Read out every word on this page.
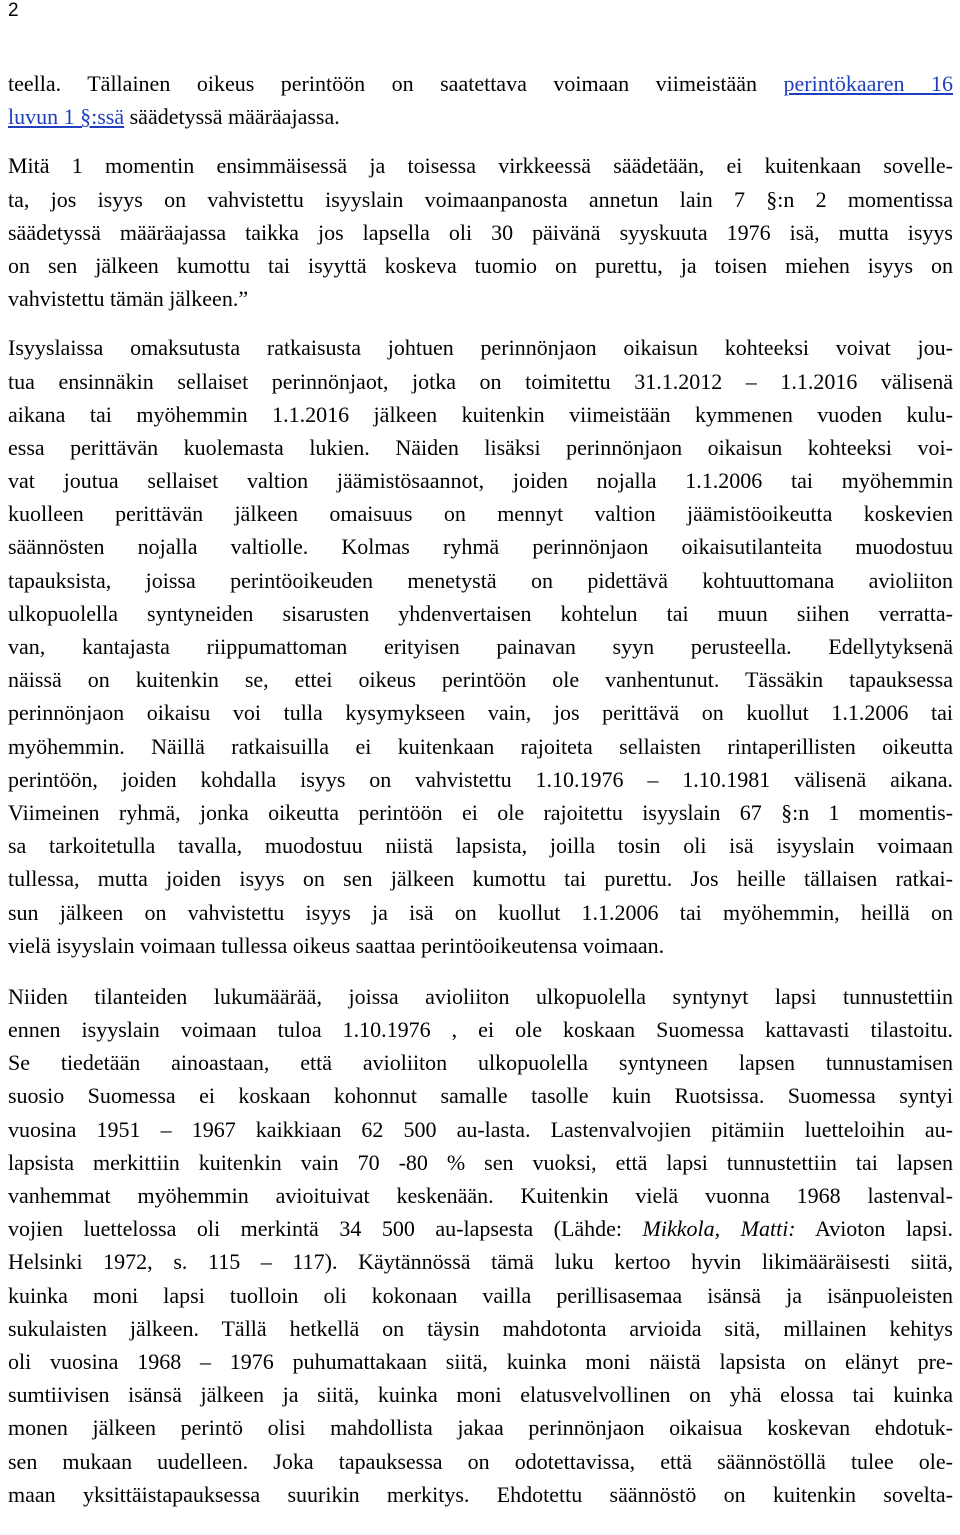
2
teella. Tällainen oikeus perintöön on saatettava voimaan viimeistään perintökaaren 16
luvun 1 §:ssä säädetyssä määräajassa.
Mitä 1 momentin ensimmäisessä ja toisessa virkkeessä säädetään, ei kuitenkaan sovelle-
ta, jos isyys on vahvistettu isyyslain voimaanpanosta annetun lain 7 §:n 2 momentissa
säädetyssä määräajassa taikka jos lapsella oli 30 päivänä syyskuuta 1976 isä, mutta isyys
on sen jälkeen kumottu tai isyyttä koskeva tuomio on purettu, ja toisen miehen isyys on
vahvistettu tämän jälkeen.”
Isyyslaissa omaksutusta ratkaisusta johtuen perinnönjaon oikaisun kohteeksi voivat jou-
tua ensinnäkin sellaiset perinnönjaot, jotka on toimitettu 31.1.2012 – 1.1.2016 välisenä
aikana tai myöhemmin 1.1.2016 jälkeen kuitenkin viimeistään kymmenen vuoden kulu-
essa perittävän kuolemasta lukien. Näiden lisäksi perinnönjaon oikaisun kohteeksi voi-
vat joutua sellaiset valtion jäämistösaannot, joiden nojalla 1.1.2006 tai myöhemmin
kuolleen perittävän jälkeen omaisuus on mennyt valtion jäämistöoikeutta koskevien
säännösten nojalla valtiolle. Kolmas ryhmä perinnönjaon oikaisutilanteita muodostuu
tapauksista, joissa perintöoikeuden menetystä on pidettävä kohtuuttomana avioliiton
ulkopuolella syntyneiden sisarusten yhdenvertaisen kohtelun tai muun siihen verratta-
van, kantajasta riippumattoman erityisen painavan syyn perusteella. Edellytyksenä
näissä on kuitenkin se, ettei oikeus perintöön ole vanhentunut. Tässäkin tapauksessa
perinnönjaon oikaisu voi tulla kysymykseen vain, jos perittävä on kuollut 1.1.2006 tai
myöhemmin. Näillä ratkaisuilla ei kuitenkaan rajoiteta sellaisten rintaperillisten oikeutta
perintöön, joiden kohdalla isyys on vahvistettu 1.10.1976 – 1.10.1981 välisenä aikana.
Viimeinen ryhmä, jonka oikeutta perintöön ei ole rajoitettu isyyslain 67 §:n 1 momentis-
sa tarkoitetulla tavalla, muodostuu niistä lapsista, joilla tosin oli isä isyyslain voimaan
tullessa, mutta joiden isyys on sen jälkeen kumottu tai purettu. Jos heille tällaisen ratkai-
sun jälkeen on vahvistettu isyys ja isä on kuollut 1.1.2006 tai myöhemmin, heillä on
vielä isyyslain voimaan tullessa oikeus saattaa perintöoikeutensa voimaan.
Niiden tilanteiden lukumäärää, joissa avioliiton ulkopuolella syntynyt lapsi tunnustettiin
ennen isyyslain voimaan tuloa 1.10.1976 , ei ole koskaan Suomessa kattavasti tilastoitu.
Se tiedetään ainoastaan, että avioliiton ulkopuolella syntyneen lapsen tunnustamisen
suosio Suomessa ei koskaan kohonnut samalle tasolle kuin Ruotsissa. Suomessa syntyi
vuosina 1951 – 1967 kaikkiaan 62 500 au-lasta. Lastenvalvojien pitämiin luetteloihin au-
lapsista merkittiin kuitenkin vain 70 -80 % sen vuoksi, että lapsi tunnustettiin tai lapsen
vanhemmat myöhemmin avioituivat keskenään. Kuitenkin vielä vuonna 1968 lastenval-
vojien luettelossa oli merkintä 34 500 au-lapsesta (Lähde: Mikkola, Matti: Avioton lapsi.
Helsinki 1972, s. 115 – 117). Käytännössä tämä luku kertoo hyvin likimääräisesti siitä,
kuinka moni lapsi tuolloin oli kokonaan vailla perillisasemaa isänsä ja isänpuoleisten
sukulaisten jälkeen. Tällä hetkellä on täysin mahdotonta arvioida sitä, millainen kehitys
oli vuosina 1968 – 1976 puhumattakaan siitä, kuinka moni näistä lapsista on elänyt pre-
sumtiivisen isänsä jälkeen ja siitä, kuinka moni elatusvelvollinen on yhä elossa tai kuinka
monen jälkeen perintö olisi mahdollista jakaa perinnönjaon oikaisua koskevan ehdotuk-
sen mukaan uudelleen. Joka tapauksessa on odotettavissa, että säännöstöllä tulee ole-
maan yksittäistapauksessa suurikin merkitys. Ehdotettu säännöstö on kuitenkin sovelta-
